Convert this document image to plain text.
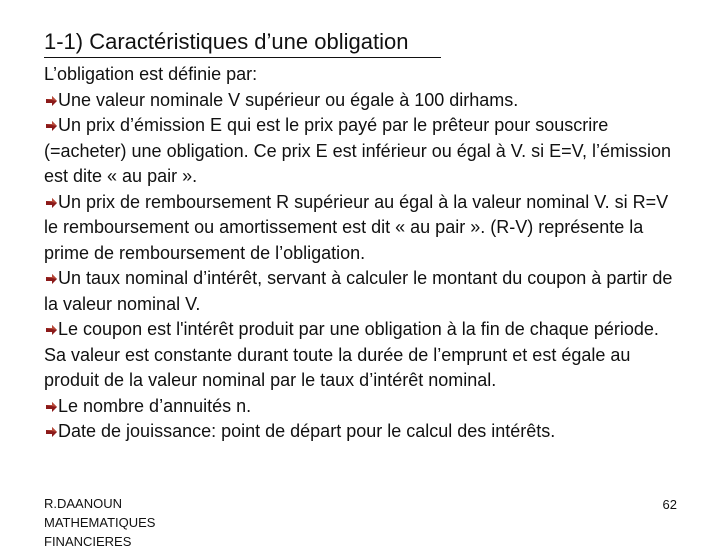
1-1) Caractéristiques d’une obligation

L’obligation est définie par:

Une valeur nominale V supérieur ou égale à 100 dirhams.
Un prix d’émission E qui est le prix payé par le prêteur pour souscrire (=acheter) une obligation. Ce prix E est inférieur ou égal à V. si E=V, l’émission est dite « au pair ».
Un prix de remboursement R supérieur au égal à la valeur nominal V. si R=V le remboursement ou amortissement est dit « au pair ». (R-V) représente la prime de remboursement de l’obligation.
Un taux nominal d’intérêt, servant à calculer le montant du coupon à partir de la valeur nominal V.
Le coupon est l'intérêt produit par une obligation à la fin de chaque période. Sa valeur est constante durant toute la durée de l’emprunt et est égale au produit de la valeur nominal par le taux d’intérêt nominal.
Le nombre d’annuités n.
Date de jouissance: point de départ pour le calcul des intérêts.
R.DAANOUN
MATHEMATIQUES
FINANCIERES
62
